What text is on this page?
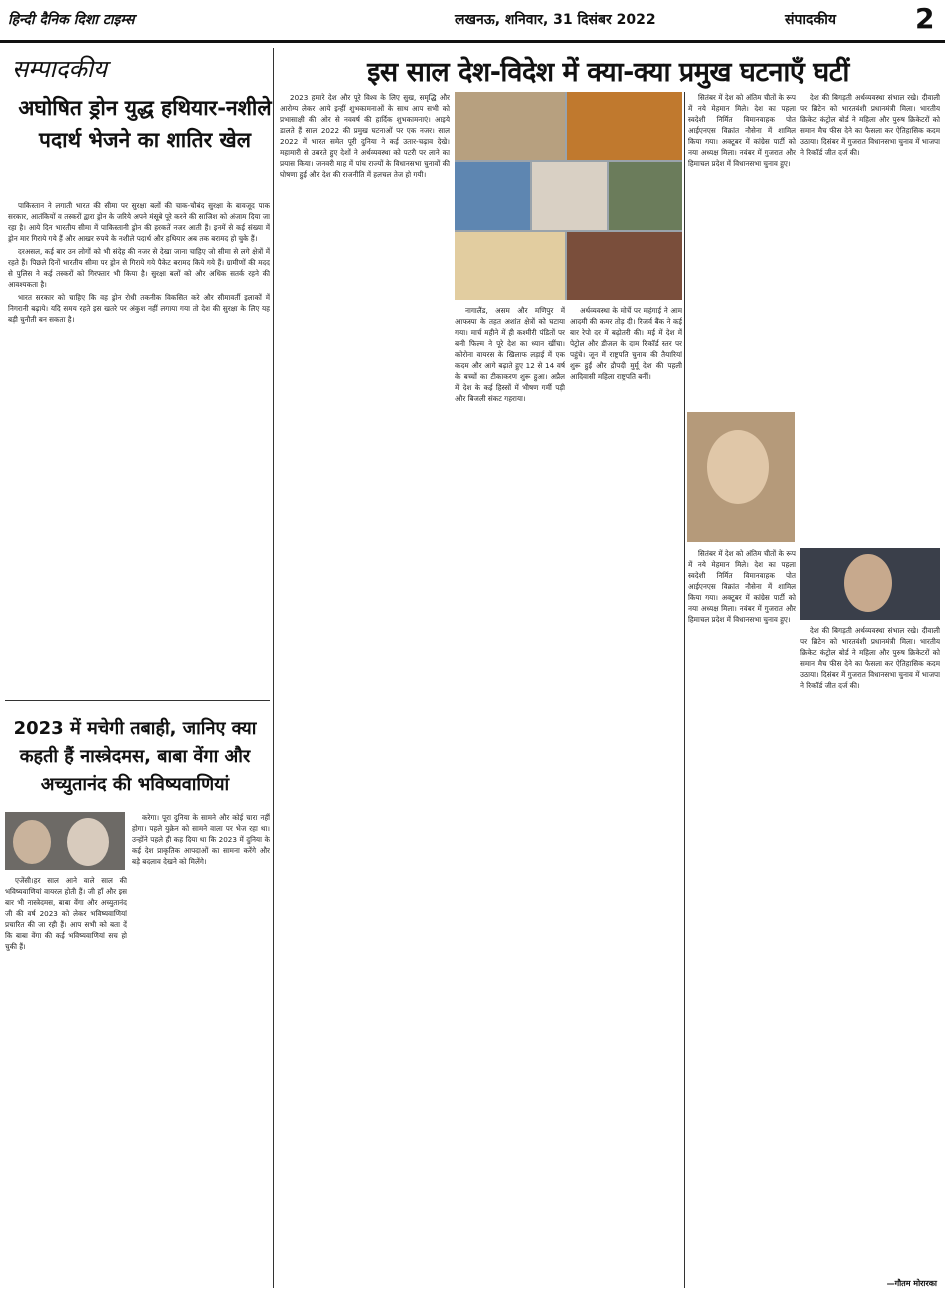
हिन्दी दैनिक दिशा टाइम्स	लखनऊ, शनिवार, 31 दिसंबर 2022	संपादकीय	2
सम्पादकीय
अघोषित ड्रोन युद्ध हथियार-नशीले पदार्थ भेजने का शातिर खेल

पाकिस्तान ने लगाती भारत की सीमा पर सुरक्षा बलों की चाक-चौबंद सुरक्षा के बावजूद पाक सरकार, आतंकियों व तस्करों द्वारा ड्रोन के जरिये अपने मंसूबे पूरे करने की साजिश को अंजाम दिया जा रहा है। आये दिन भारतीय सीमा में पाकिस्तानी ड्रोन की हरकतें नजर आती हैं। इनमें से कई संख्या में ड्रोन मार गिराये गये हैं और आखर रुपये के नशीले पदार्थ और हथियार अब तक बरामद हो चुके हैं।

दरअसल, कई बार उन लोगों को भी संदेह की नजर से देखा जाना चाहिए जो सीमा से लगे क्षेत्रों में रहते हैं। पिछले दिनों भारतीय सीमा पर ड्रोन से गिराये गये पैकेट बरामद किये गये हैं। ग्रामीणों की मदद से पुलिस ने कई तस्करों को गिरफ्तार भी किया है। सुरक्षा बलों को और अधिक सतर्क रहने की आवश्यकता है।

भारत सरकार को चाहिए कि वह ड्रोन रोधी तकनीक विकसित करे और सीमावर्ती इलाकों में निगरानी बढ़ाये। यदि समय रहते इस खतरे पर अंकुश नहीं लगाया गया तो देश की सुरक्षा के लिए यह बड़ी चुनौती बन सकता है।

2023 में मचेगी तबाही, जानिए क्या कहती हैं नास्त्रेदमस, बाबा वेंगा और अच्युतानंद की भविष्यवाणियां

एजेंसी।हर साल आने वाले साल की भविष्यवाणियां वायरल होती हैं। जी हाँ और इस बार भी नास्त्रेदमस, बाबा वेंगा और अच्युतानंद जी की वर्ष 2023 को लेकर भविष्यवाणियां प्रचारित की जा रही हैं। आप सभी को बता दें कि बाबा वेंगा की कई भविष्यवाणियां सच हो चुकी हैं।

करेगा। पूरा दुनिया के सामने और कोई चारा नहीं होगा। पहले युक्रेन को सामने वाला पर भेज रहा था। उन्होंने पहले ही कह दिया था कि 2023 में दुनिया के कई देश प्राकृतिक आपदाओं का सामना करेंगे और बड़े बदलाव देखने को मिलेंगे।

इस साल देश-विदेश में क्या-क्या प्रमुख घटनाएँ घटीं

2023 हमारे देश और पूरे विश्व के लिए सुख, समृद्धि और आरोग्य लेकर आये इन्हीं शुभकामनाओं के साथ आप सभी को प्रभासाक्षी की ओर से नववर्ष की हार्दिक शुभकामनाएं। आइये डालते हैं साल 2022 की प्रमुख घटनाओं पर एक नजर। साल 2022 में भारत समेत पूरी दुनिया ने कई उतार-चढ़ाव देखे। महामारी से उबरते हुए देशों ने अर्थव्यवस्था को पटरी पर लाने का प्रयास किया। जनवरी माह में पांच राज्यों के विधानसभा चुनावों की घोषणा हुई और देश की राजनीति में हलचल तेज हो गयी।

नागालैंड, असम और मणिपुर में आफस्पा के तहत अशांत क्षेत्रों को घटाया गया। मार्च महीने में ही कश्मीरी पंडितों पर बनी फिल्म ने पूरे देश का ध्यान खींचा। कोरोना वायरस के खिलाफ लड़ाई में एक कदम और आगे बढ़ाते हुए 12 से 14 वर्ष के बच्चों का टीकाकरण शुरू हुआ। अप्रैल में देश के कई हिस्सों में भीषण गर्मी पड़ी और बिजली संकट गहराया।

अर्थव्यवस्था के मोर्चे पर महंगाई ने आम आदमी की कमर तोड़ दी। रिजर्व बैंक ने कई बार रेपो दर में बढ़ोतरी की। मई में देश में पेट्रोल और डीजल के दाम रिकॉर्ड स्तर पर पहुंचे। जून में राष्ट्रपति चुनाव की तैयारियां शुरू हुईं और द्रौपदी मुर्मू देश की पहली आदिवासी महिला राष्ट्रपति बनीं।

सितंबर में देश को अंतिम चीतों के रूप में नये मेहमान मिले। देश का पहला स्वदेशी निर्मित विमानवाहक पोत आईएनएस विक्रांत नौसेना में शामिल किया गया। अक्टूबर में कांग्रेस पार्टी को नया अध्यक्ष मिला। नवंबर में गुजरात और हिमाचल प्रदेश में विधानसभा चुनाव हुए।

सितंबर में देश को अंतिम चीतों के रूप में नये मेहमान मिले। देश का पहला स्वदेशी निर्मित विमानवाहक पोत आईएनएस विक्रांत नौसेना में शामिल किया गया। अक्टूबर में कांग्रेस पार्टी को नया अध्यक्ष मिला। नवंबर में गुजरात और हिमाचल प्रदेश में विधानसभा चुनाव हुए।

देश की बिगड़ती अर्थव्यवस्था संभाल रखे। दीवाली पर ब्रिटेन को भारतवंशी प्रधानमंत्री मिला। भारतीय क्रिकेट कंट्रोल बोर्ड ने महिला और पुरुष क्रिकेटरों को समान मैच फीस देने का फैसला कर ऐतिहासिक कदम उठाया। दिसंबर में गुजरात विधानसभा चुनाव में भाजपा ने रिकॉर्ड जीत दर्ज की।

देश की बिगड़ती अर्थव्यवस्था संभाल रखे। दीवाली पर ब्रिटेन को भारतवंशी प्रधानमंत्री मिला। भारतीय क्रिकेट कंट्रोल बोर्ड ने महिला और पुरुष क्रिकेटरों को समान मैच फीस देने का फैसला कर ऐतिहासिक कदम उठाया। दिसंबर में गुजरात विधानसभा चुनाव में भाजपा ने रिकॉर्ड जीत दर्ज की।

—गौतम मोरारका
